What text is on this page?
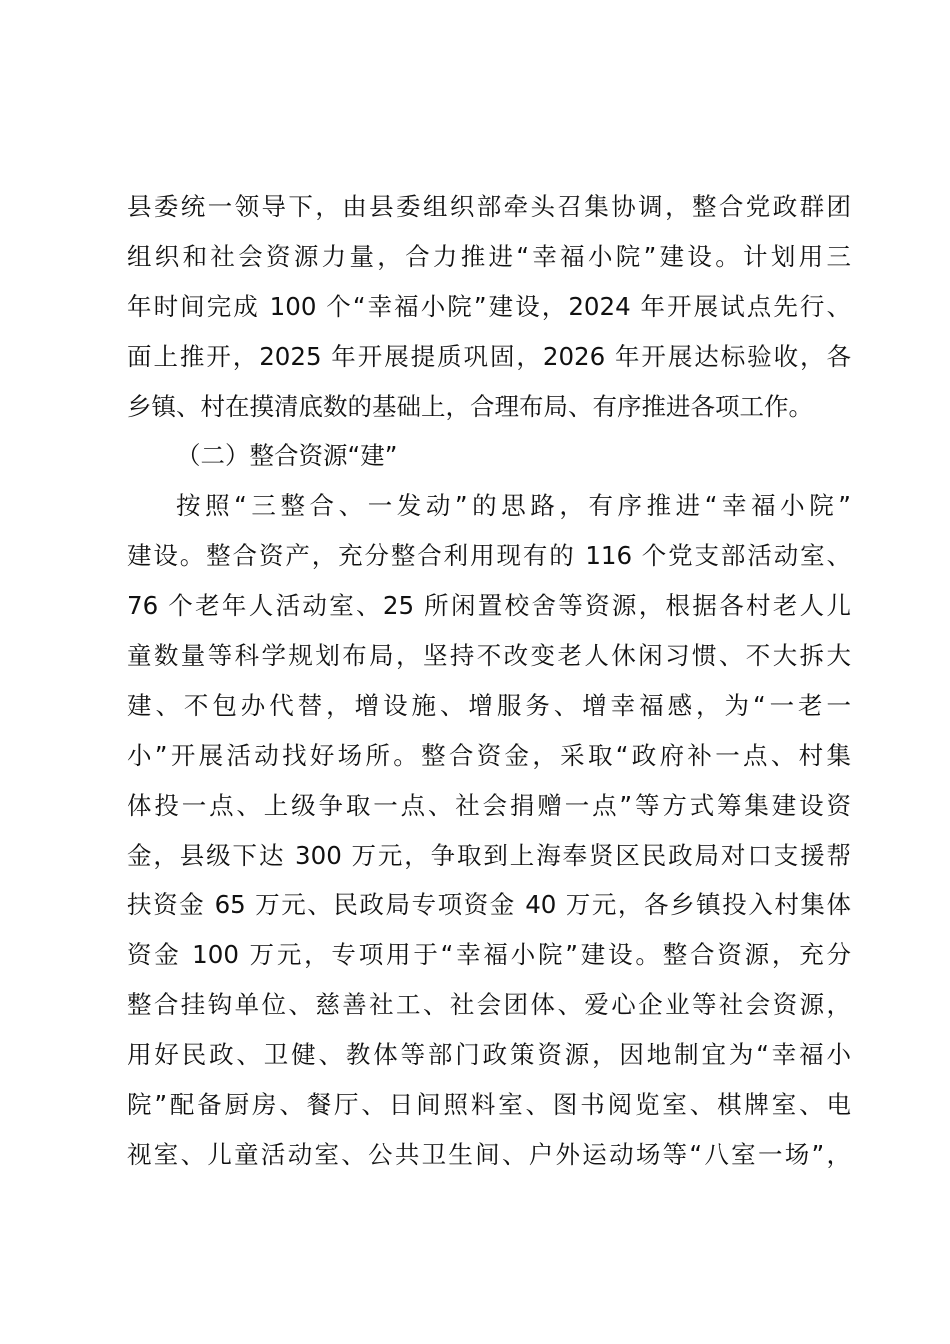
县委统一领导下，由县委组织部牵头召集协调，整合党政群团
组织和社会资源力量，合力推进“幸福小院”建设。计划用三
年时间完成 100 个“幸福小院”建设，2024 年开展试点先行、
面上推开，2025 年开展提质巩固，2026 年开展达标验收，各
乡镇、村在摸清底数的基础上，合理布局、有序推进各项工作。
（二）整合资源“建”
按照“三整合、一发动”的思路，有序推进“幸福小院”
建设。整合资产，充分整合利用现有的 116 个党支部活动室、
76 个老年人活动室、25 所闲置校舍等资源，根据各村老人儿
童数量等科学规划布局，坚持不改变老人休闲习惯、不大拆大
建、不包办代替，增设施、增服务、增幸福感，为“一老一
小”开展活动找好场所。整合资金，采取“政府补一点、村集
体投一点、上级争取一点、社会捐赠一点”等方式筹集建设资
金，县级下达 300 万元，争取到上海奉贤区民政局对口支援帮
扶资金 65 万元、民政局专项资金 40 万元，各乡镇投入村集体
资金 100 万元，专项用于“幸福小院”建设。整合资源，充分
整合挂钩单位、慈善社工、社会团体、爱心企业等社会资源，
用好民政、卫健、教体等部门政策资源，因地制宜为“幸福小
院”配备厨房、餐厅、日间照料室、图书阅览室、棋牌室、电
视室、儿童活动室、公共卫生间、户外运动场等“八室一场”，
